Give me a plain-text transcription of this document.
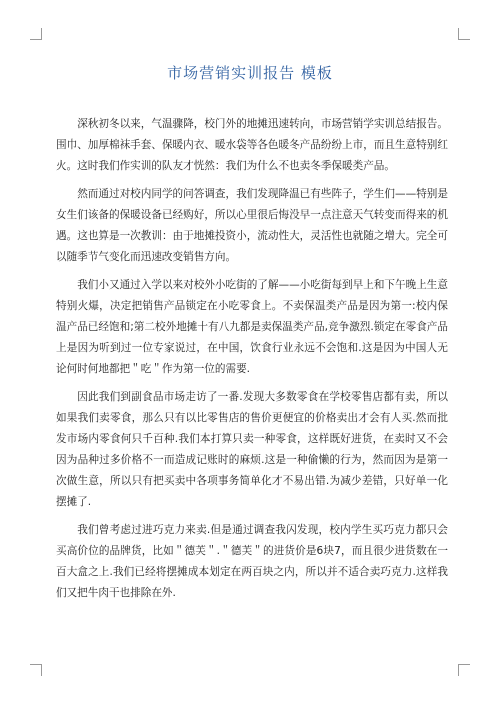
市场营销实训报告 模板

深秋初冬以来，气温骤降，校门外的地摊迅速转向，市场营销学实训总结报告。围巾、加厚棉袜手套、保暖内衣、暖水袋等各色暖冬产品纷纷上市，而且生意特别红火。这时我们作实训的队友才恍然：我们为什么不也卖冬季保暖类产品。

然而通过对校内同学的问答调查，我们发现降温已有些阵子，学生们——特别是女生们该备的保暖设备已经购好，所以心里很后悔没早一点注意天气转变而得来的机遇。这也算是一次教训：由于地摊投资小，流动性大，灵活性也就随之增大。完全可以随季节气变化而迅速改变销售方向。

我们小又通过入学以来对校外小吃街的了解——小吃街每到早上和下午晚上生意特别火爆，决定把销售产品锁定在小吃零食上。不卖保温类产品是因为第一:校内保温产品已经饱和;第二校外地摊十有八九都是卖保温类产品,竞争激烈.锁定在零食产品上是因为听到过一位专家说过，在中国，饮食行业永远不会饱和.这是因为中国人无论何时何地都把＂吃＂作为第一位的需要.

因此我们到副食品市场走访了一番.发现大多数零食在学校零售店都有卖，所以如果我们卖零食，那么只有以比零售店的售价更便宜的价格卖出才会有人买.然而批发市场内零食何只千百种.我们本打算只卖一种零食，这样既好进货，在卖时又不会因为品种过多价格不一而造成记账时的麻烦.这是一种偷懒的行为，然而因为是第一次做生意，所以只有把买卖中各项事务简单化才不易出错.为减少差错，只好单一化摆摊了.

我们曾考虑过进巧克力来卖.但是通过调查我闪发现，校内学生买巧克力都只会买高价位的品牌货，比如＂德芙＂.＂德芙＂的进货价是6块7，而且很少进货数在一百大盒之上.我们已经将摆摊成本划定在两百块之内，所以并不适合卖巧克力.这样我们又把牛肉干也排除在外.
